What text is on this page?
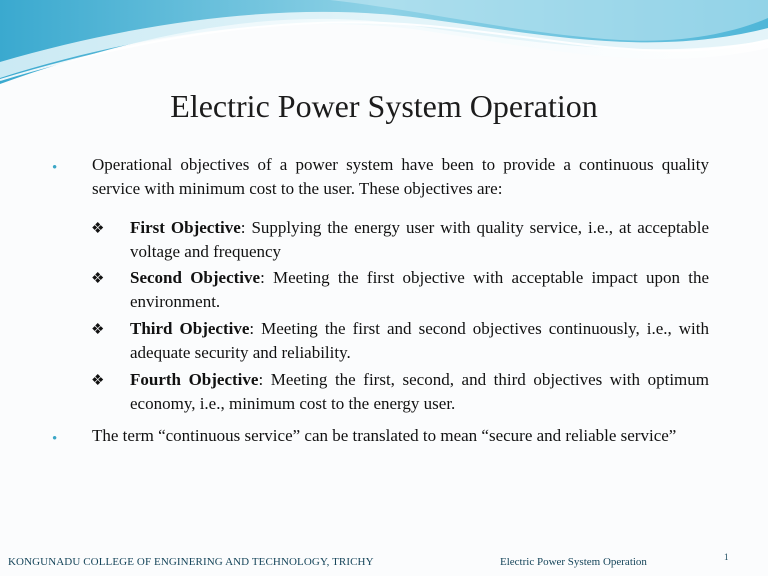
Electric Power System Operation
• Operational objectives of a power system have been to provide a continuous quality service with minimum cost to the user. These objectives are:
❖ First Objective: Supplying the energy user with quality service, i.e., at acceptable voltage and frequency
❖ Second Objective: Meeting the first objective with acceptable impact upon the environment.
❖ Third Objective: Meeting the first and second objectives continuously, i.e., with adequate security and reliability.
❖ Fourth Objective: Meeting the first, second, and third objectives with optimum economy, i.e., minimum cost to the energy user.
• The term “continuous service” can be translated to mean “secure and reliable service”
KONGUNADU COLLEGE OF ENGINERING AND TECHNOLOGY, TRICHY	Electric Power System Operation	1
